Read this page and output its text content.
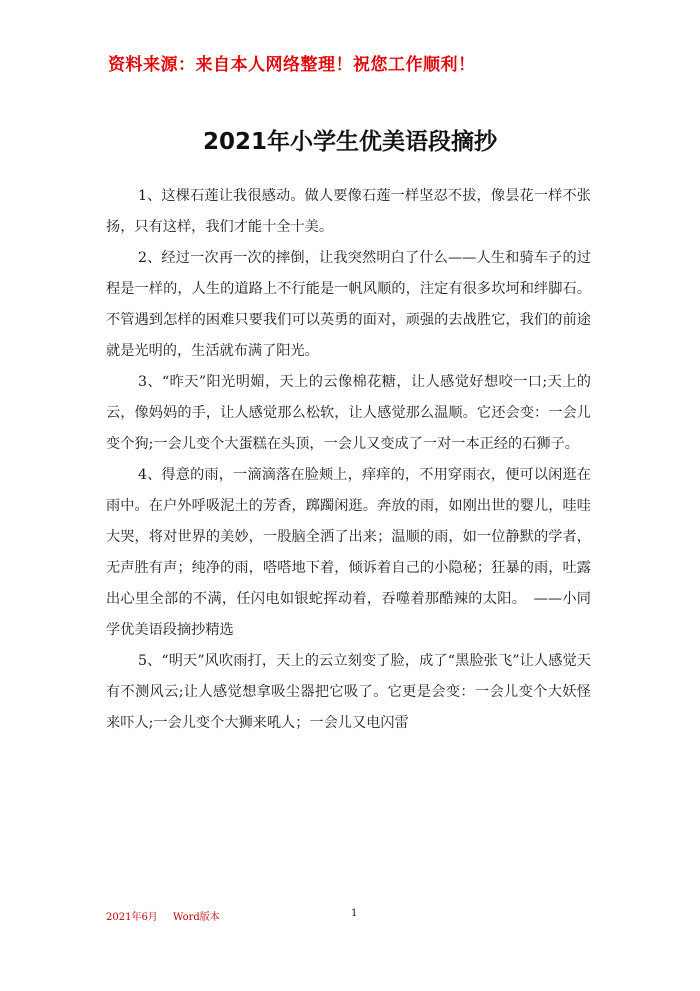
资料来源：来自本人网络整理！祝您工作顺利！
2021年小学生优美语段摘抄

1、这棵石莲让我很感动。做人要像石莲一样坚忍不拔，像昙花一样不张扬，只有这样，我们才能十全十美。

2、经过一次再一次的摔倒，让我突然明白了什么——人生和骑车子的过程是一样的，人生的道路上不行能是一帆风顺的，注定有很多坎坷和绊脚石。不管遇到怎样的困难只要我们可以英勇的面对，顽强的去战胜它，我们的前途就是光明的，生活就布满了阳光。

3、“昨天”阳光明媚，天上的云像棉花糖，让人感觉好想咬一口;天上的云，像妈妈的手，让人感觉那么松软，让人感觉那么温顺。它还会变：一会儿变个狗;一会儿变个大蛋糕在头顶，一会儿又变成了一对一本正经的石狮子。

4、得意的雨，一滴滴落在脸颊上，痒痒的，不用穿雨衣，便可以闲逛在雨中。在户外呼吸泥土的芳香，踯躅闲逛。奔放的雨，如刚出世的婴儿，哇哇大哭，将对世界的美妙，一股脑全洒了出来；温顺的雨，如一位静默的学者，无声胜有声；纯净的雨，嗒嗒地下着，倾诉着自己的小隐秘；狂暴的雨，吐露出心里全部的不满，任闪电如银蛇挥动着，吞噬着那酷辣的太阳。　——小同学优美语段摘抄精选

5、“明天”风吹雨打，天上的云立刻变了脸，成了“黑脸张飞”让人感觉天有不测风云;让人感觉想拿吸尘器把它吸了。它更是会变：一会儿变个大妖怪来吓人;一会儿变个大狮来吼人；一会儿又电闪雷

2021年6月 Word版本	1
